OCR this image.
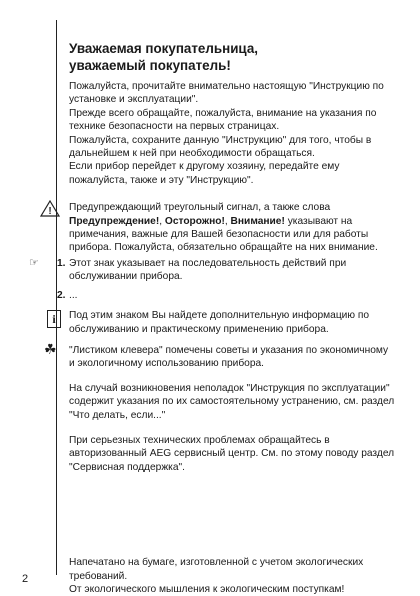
Уважаемая покупательница,
уважаемый покупатель!

Пожалуйста, прочитайте внимательно настоящую "Инструкцию по установке и эксплуатации".

Прежде всего обращайте, пожалуйста, внимание на указания по технике безопасности на первых страницах.

Пожалуйста, сохраните данную "Инструкцию" для того, чтобы в дальнейшем к ней при необходимости обращаться.

Если прибор перейдет к другому хозяину, передайте ему пожалуйста, также и эту "Инструкцию".

! Предупреждающий треугольный сигнал, а также слова Предупреждение!, Осторожно!, Внимание! указывают на примечания, важные для Вашей безопасности или для работы прибора. Пожалуйста, обязательно обращайте на них внимание.

☞ 1. Этот знак указывает на последовательность действий при обслуживании прибора.

2. ...

i	Под этим знаком Вы найдете дополнительную информацию по обслуживанию и практическому применению прибора.

☘ "Листиком клевера" помечены советы и указания по экономичному и экологичному использованию прибора.

На случай возникновения неполадок "Инструкция по эксплуатации" содержит указания по их самостоятельному устранению, см. раздел "Что делать, если..."

При серьезных технических проблемах обращайтесь в авторизованный AEG сервисный центр. См. по этому поводу раздел "Сервисная поддержка".

Напечатано на бумаге, изготовленной с учетом экологических требований.

От экологического мышления к экологическим поступкам!

2
